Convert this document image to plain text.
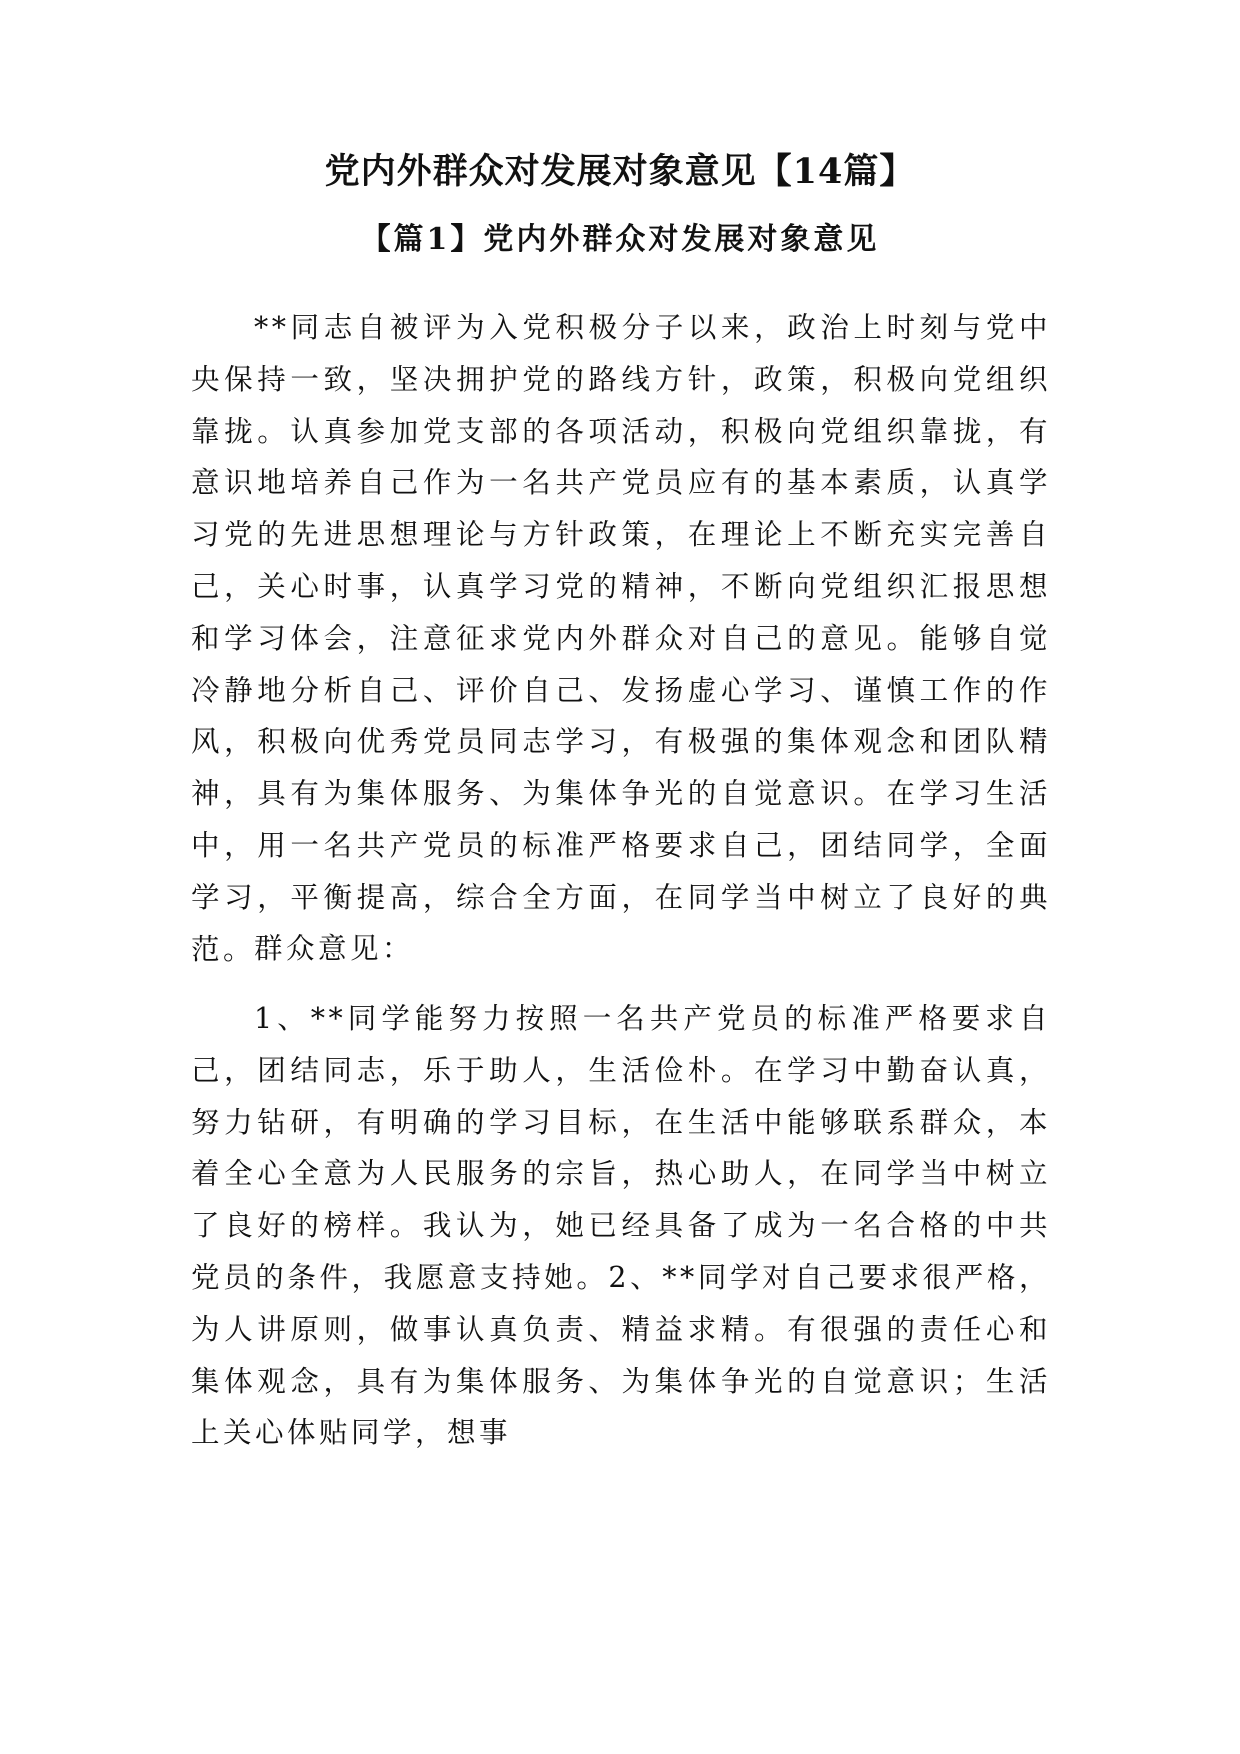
党内外群众对发展对象意见【14篇】
【篇1】党内外群众对发展对象意见

**同志自被评为入党积极分子以来，政治上时刻与党中央保持一致，坚决拥护党的路线方针，政策，积极向党组织靠拢。认真参加党支部的各项活动，积极向党组织靠拢，有意识地培养自己作为一名共产党员应有的基本素质，认真学习党的先进思想理论与方针政策，在理论上不断充实完善自己，关心时事，认真学习党的精神，不断向党组织汇报思想和学习体会，注意征求党内外群众对自己的意见。能够自觉冷静地分析自己、评价自己、发扬虚心学习、谨慎工作的作风，积极向优秀党员同志学习，有极强的集体观念和团队精神，具有为集体服务、为集体争光的自觉意识。在学习生活中，用一名共产党员的标准严格要求自己，团结同学，全面学习，平衡提高，综合全方面，在同学当中树立了良好的典范。

群众意见：

1、**同学能努力按照一名共产党员的标准严格要求自己，团结同志，乐于助人，生活俭朴。在学习中勤奋认真，努力钻研，有明确的学习目标，在生活中能够联系群众，本着全心全意为人民服务的宗旨，热心助人，在同学当中树立了良好的榜样。我认为，她已经具备了成为一名合格的中共党员的条件，我愿意支持她。2、**同学对自己要求很严格，为人讲原则，做事认真负责、精益求精。有很强的责任心和集体观念，具有为集体服务、为集体争光的自觉意识；生活上关心体贴同学，想事
